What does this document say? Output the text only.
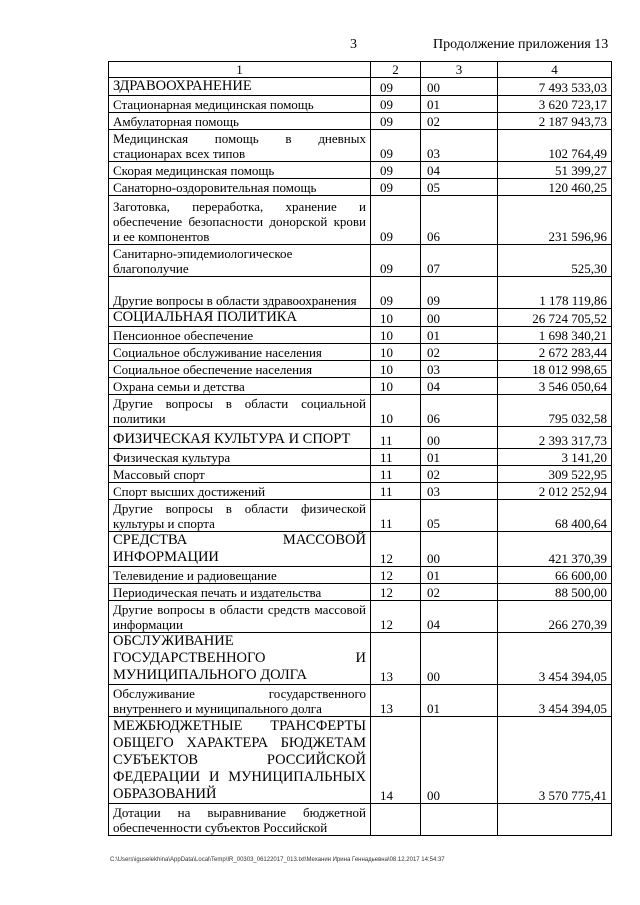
3	Продолжение приложения 13
1	2	3	4
ЗДРАВООХРАНЕНИЕ	09	00	7 493 533,03
Стационарная медицинская помощь	09	01	3 620 723,17
Амбулаторная помощь	09	02	2 187 943,73
Медицинская помощь в дневных стационарах всех типов	09	03	102 764,49
Скорая медицинская помощь	09	04	51 399,27
Санаторно-оздоровительная помощь	09	05	120 460,25
Заготовка, переработка, хранение и обеспечение безопасности донорской крови и ее компонентов	09	06	231 596,96
Санитарно-эпидемиологическое благополучие	09	07	525,30
Другие вопросы в области здравоохранения	09	09	1 178 119,86
СОЦИАЛЬНАЯ ПОЛИТИКА	10	00	26 724 705,52
Пенсионное обеспечение	10	01	1 698 340,21
Социальное обслуживание населения	10	02	2 672 283,44
Социальное обеспечение населения	10	03	18 012 998,65
Охрана семьи и детства	10	04	3 546 050,64
Другие вопросы в области социальной политики	10	06	795 032,58
ФИЗИЧЕСКАЯ КУЛЬТУРА И СПОРТ	11	00	2 393 317,73
Физическая культура	11	01	3 141,20
Массовый спорт	11	02	309 522,95
Спорт высших достижений	11	03	2 012 252,94
Другие вопросы в области физической культуры и спорта	11	05	68 400,64
СРЕДСТВА МАССОВОЙ ИНФОРМАЦИИ	12	00	421 370,39
Телевидение и радиовещание	12	01	66 600,00
Периодическая печать и издательства	12	02	88 500,00
Другие вопросы в области средств массовой информации	12	04	266 270,39
ОБСЛУЖИВАНИЕ ГОСУДАРСТВЕННОГО И МУНИЦИПАЛЬНОГО ДОЛГА	13	00	3 454 394,05
Обслуживание государственного внутреннего и муниципального долга	13	01	3 454 394,05
МЕЖБЮДЖЕТНЫЕ ТРАНСФЕРТЫ ОБЩЕГО ХАРАКТЕРА БЮДЖЕТАМ СУБЪЕКТОВ РОССИЙСКОЙ ФЕДЕРАЦИИ И МУНИЦИПАЛЬНЫХ ОБРАЗОВАНИЙ	14	00	3 570 775,41
Дотации на выравнивание бюджетной обеспеченности субъектов Российской			
C:\Users\iguselekhina\AppData\Local\Temp\IR_00303_06122017_013.txt\Механин Ирина Геннадьевна\08.12.2017 14:54:37
